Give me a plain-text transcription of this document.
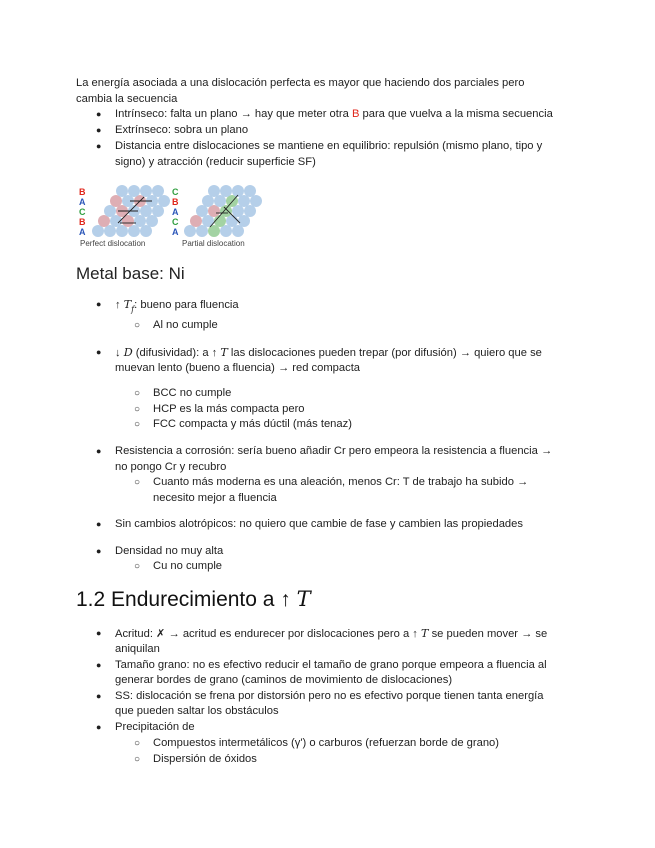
La energía asociada a una dislocación perfecta es mayor que haciendo dos parciales pero
cambia la secuencia
● Intrínseco: falta un plano → hay que meter otra B para que vuelva a la misma secuencia
● Extrínseco: sobra un plano
● Distancia entre dislocaciones se mantiene en equilibrio: repulsión (mismo plano, tipo y
signo) y atracción (reducir superficie SF)
B
A
C
B
A
Perfect dislocation
C
B
A
C
A
Partial dislocation
Metal base: Ni
● ↑ $T_f$: bueno para fluencia
○ Al no cumple
● ↓ D (difusividad): a ↑ T las dislocaciones pueden trepar (por difusión) → quiero que se
muevan lento (bueno a fluencia) → red compacta
○ BCC no cumple
○ HCP es la más compacta pero
○ FCC compacta y más dúctil (más tenaz)
● Resistencia a corrosión: sería bueno añadir Cr pero empeora la resistencia a fluencia →
no pongo Cr y recubro
○ Cuanto más moderna es una aleación, menos Cr: T de trabajo ha subido →
necesito mejor a fluencia
● Sin cambios alotrópicos: no quiero que cambie de fase y cambien las propiedades
● Densidad no muy alta
○ Cu no cumple
1.2 Endurecimiento a ↑ T
● Acritud: ✗ → acritud es endurecer por dislocaciones pero a ↑ T se pueden mover → se
aniquilan
● Tamaño grano: no es efectivo reducir el tamaño de grano porque empeora a fluencia al
generar bordes de grano (caminos de movimiento de dislocaciones)
● SS: dislocación se frena por distorsión pero no es efectivo porque tienen tanta energía
que pueden saltar los obstáculos
● Precipitación de
○ Compuestos intermetálicos (γ') o carburos (refuerzan borde de grano)
○ Dispersión de óxidos
